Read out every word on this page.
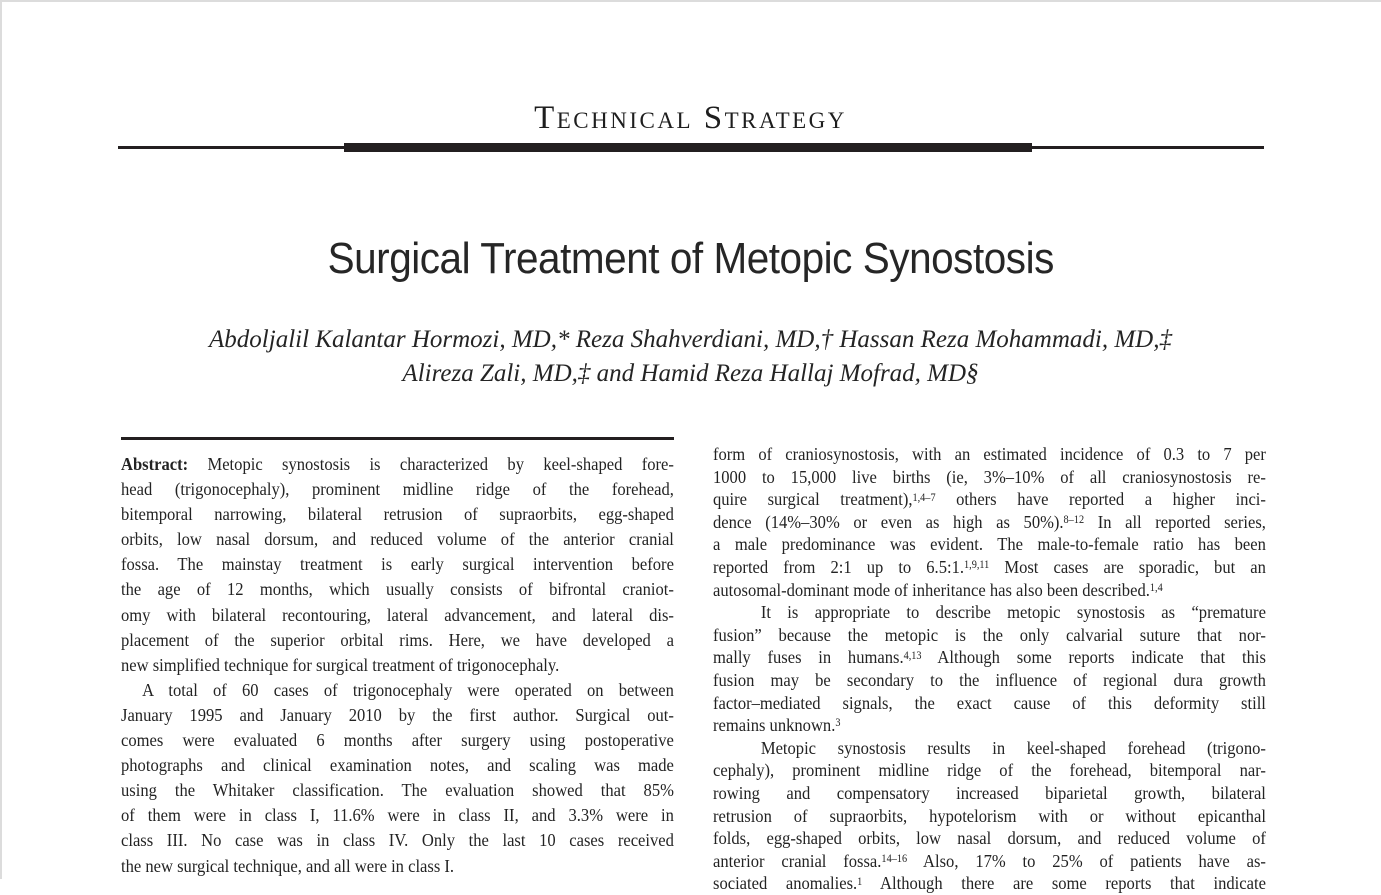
Technical Strategy
Surgical Treatment of Metopic Synostosis
Abdoljalil Kalantar Hormozi, MD,* Reza Shahverdiani, MD,† Hassan Reza Mohammadi, MD,‡
Alireza Zali, MD,‡ and Hamid Reza Hallaj Mofrad, MD§
Abstract: Metopic synostosis is characterized by keel-shaped fore-
head (trigonocephaly), prominent midline ridge of the forehead,
bitemporal narrowing, bilateral retrusion of supraorbits, egg-shaped
orbits, low nasal dorsum, and reduced volume of the anterior cranial
fossa. The mainstay treatment is early surgical intervention before
the age of 12 months, which usually consists of bifrontal craniot-
omy with bilateral recontouring, lateral advancement, and lateral dis-
placement of the superior orbital rims. Here, we have developed a
new simplified technique for surgical treatment of trigonocephaly.
A total of 60 cases of trigonocephaly were operated on between
January 1995 and January 2010 by the first author. Surgical out-
comes were evaluated 6 months after surgery using postoperative
photographs and clinical examination notes, and scaling was made
using the Whitaker classification. The evaluation showed that 85%
of them were in class I, 11.6% were in class II, and 3.3% were in
class III. No case was in class IV. Only the last 10 cases received
the new surgical technique, and all were in class I.
form of craniosynostosis, with an estimated incidence of 0.3 to 7 per
1000 to 15,000 live births (ie, 3%–10% of all craniosynostosis re-
quire surgical treatment),$^{1,4-7}$ others have reported a higher inci-
dence (14%–30% or even as high as 50%).$^{8-12}$ In all reported series,
a male predominance was evident. The male-to-female ratio has been
reported from 2:1 up to 6.5:1.$^{1,9,11}$ Most cases are sporadic, but an
autosomal-dominant mode of inheritance has also been described.$^{1,4}$
It is appropriate to describe metopic synostosis as “premature
fusion” because the metopic is the only calvarial suture that nor-
mally fuses in humans.$^{4,13}$ Although some reports indicate that this
fusion may be secondary to the influence of regional dura growth
factor–mediated signals, the exact cause of this deformity still
remains unknown.$^3$
Metopic synostosis results in keel-shaped forehead (trigono-
cephaly), prominent midline ridge of the forehead, bitemporal nar-
rowing and compensatory increased biparietal growth, bilateral
retrusion of supraorbits, hypotelorism with or without epicanthal
folds, egg-shaped orbits, low nasal dorsum, and reduced volume of
anterior cranial fossa.$^{14-16}$ Also, 17% to 25% of patients have as-
sociated anomalies.$^1$ Although there are some reports that indicate
